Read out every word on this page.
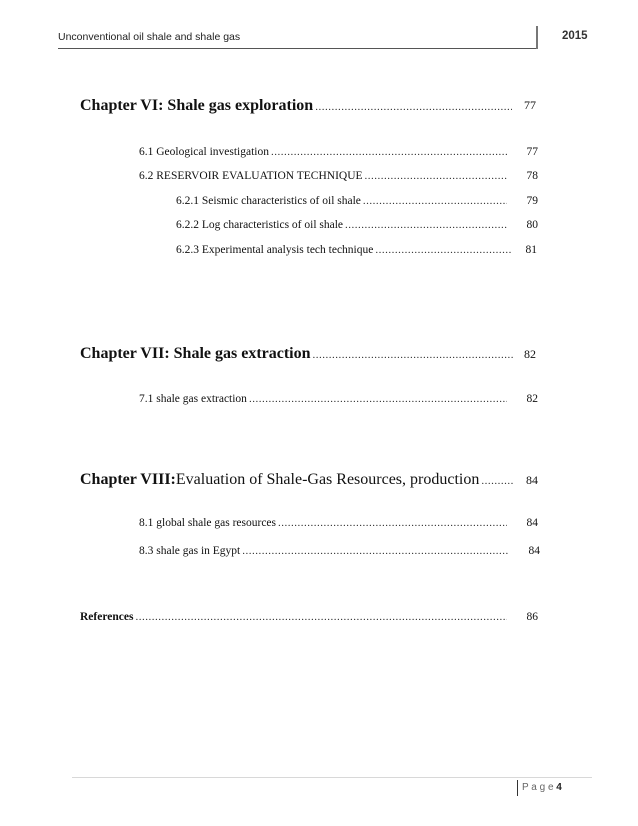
Unconventional oil shale and shale gas	2015
Chapter VI: Shale gas exploration .....	77
6.1 Geological investigation .....	77
6.2 RESERVOIR EVALUATION TECHNIQUE .....	78
6.2.1 Seismic characteristics of oil shale .....	79
6.2.2 Log characteristics of oil shale .....	80
6.2.3 Experimental analysis tech technique .....	81
Chapter VII: Shale gas extraction .....	82
7.1 shale gas extraction .....	82
Chapter VIII:Evaluation of Shale-Gas Resources, production .....	84
8.1 global shale gas resources .....	84
8.3 shale gas in Egypt .....	84
References .....	86
P a g e 4
